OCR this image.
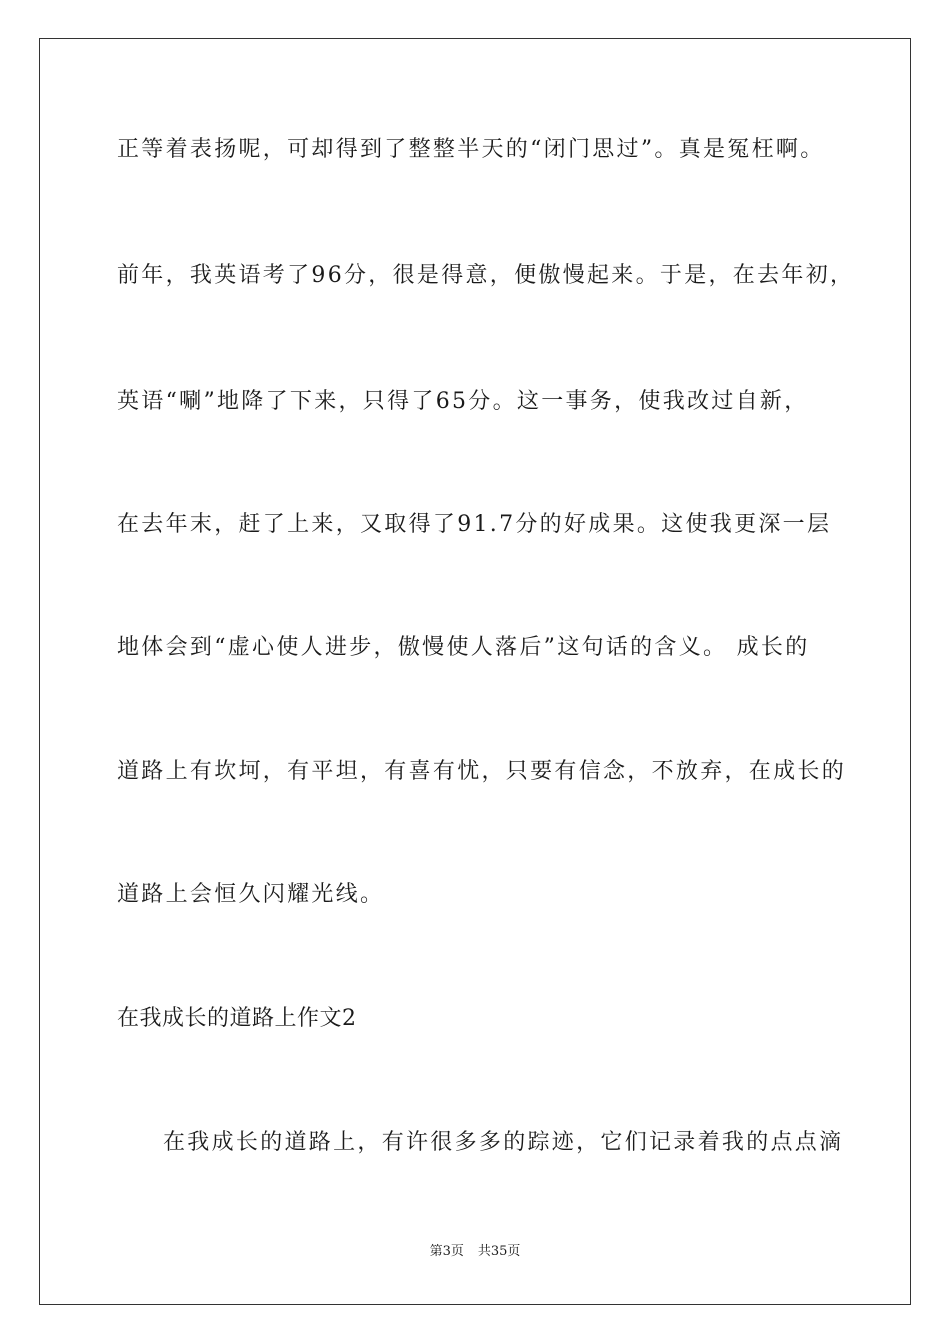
正等着表扬呢，可却得到了整整半天的“闭门思过”。真是冤枉啊。
前年，我英语考了96分，很是得意，便傲慢起来。于是，在去年初，
英语“唰”地降了下来，只得了65分。这一事务，使我改过自新，
在去年末，赶了上来，又取得了91.7分的好成果。这使我更深一层
地体会到“虚心使人进步，傲慢使人落后”这句话的含义。 成长的
道路上有坎坷，有平坦，有喜有忧，只要有信念，不放弃，在成长的
道路上会恒久闪耀光线。
在我成长的道路上作文2
在我成长的道路上，有许很多多的踪迹，它们记录着我的点点滴
第3页 共35页
